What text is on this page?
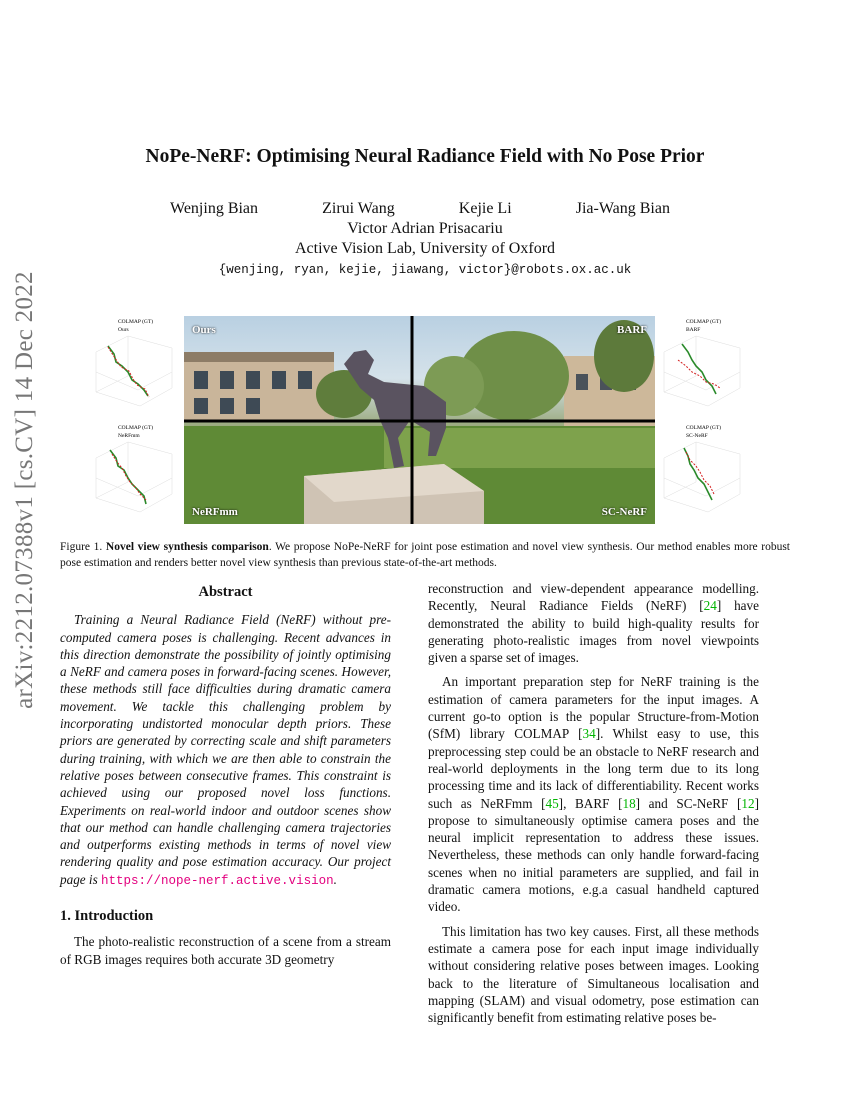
arXiv:2212.07388v1 [cs.CV] 14 Dec 2022
NoPe-NeRF: Optimising Neural Radiance Field with No Pose Prior
Wenjing Bian	Zirui Wang	Kejie Li	Jia-Wang Bian
Victor Adrian Prisacariu
Active Vision Lab, University of Oxford
{wenjing, ryan, kejie, jiawang, victor}@robots.ox.ac.uk
COLMAP (GT)
Ours
COLMAP (GT)
NeRFmm
Ours	BARF
NeRFmm	SC-NeRF
COLMAP (GT)
BARF
COLMAP (GT)
SC-NeRF
Figure 1. Novel view synthesis comparison. We propose NoPe-NeRF for joint pose estimation and novel view synthesis. Our method enables more robust pose estimation and renders better novel view synthesis than previous state-of-the-art methods.
Abstract

Training a Neural Radiance Field (NeRF) without pre-computed camera poses is challenging. Recent advances in this direction demonstrate the possibility of jointly optimising a NeRF and camera poses in forward-facing scenes. However, these methods still face difficulties during dramatic camera movement. We tackle this challenging problem by incorporating undistorted monocular depth priors. These priors are generated by correcting scale and shift parameters during training, with which we are then able to constrain the relative poses between consecutive frames. This constraint is achieved using our proposed novel loss functions. Experiments on real-world indoor and outdoor scenes show that our method can handle challenging camera trajectories and outperforms existing methods in terms of novel view rendering quality and pose estimation accuracy. Our project page is https://nope-nerf.active.vision.

1. Introduction

The photo-realistic reconstruction of a scene from a stream of RGB images requires both accurate 3D geometry

reconstruction and view-dependent appearance modelling. Recently, Neural Radiance Fields (NeRF) [24] have demonstrated the ability to build high-quality results for generating photo-realistic images from novel viewpoints given a sparse set of images.

An important preparation step for NeRF training is the estimation of camera parameters for the input images. A current go-to option is the popular Structure-from-Motion (SfM) library COLMAP [34]. Whilst easy to use, this preprocessing step could be an obstacle to NeRF research and real-world deployments in the long term due to its long processing time and its lack of differentiability. Recent works such as NeRFmm [45], BARF [18] and SC-NeRF [12] propose to simultaneously optimise camera poses and the neural implicit representation to address these issues. Nevertheless, these methods can only handle forward-facing scenes when no initial parameters are supplied, and fail in dramatic camera motions, e.g.a casual handheld captured video.

This limitation has two key causes. First, all these methods estimate a camera pose for each input image individually without considering relative poses between images. Looking back to the literature of Simultaneous localisation and mapping (SLAM) and visual odometry, pose estimation can significantly benefit from estimating relative poses be-
